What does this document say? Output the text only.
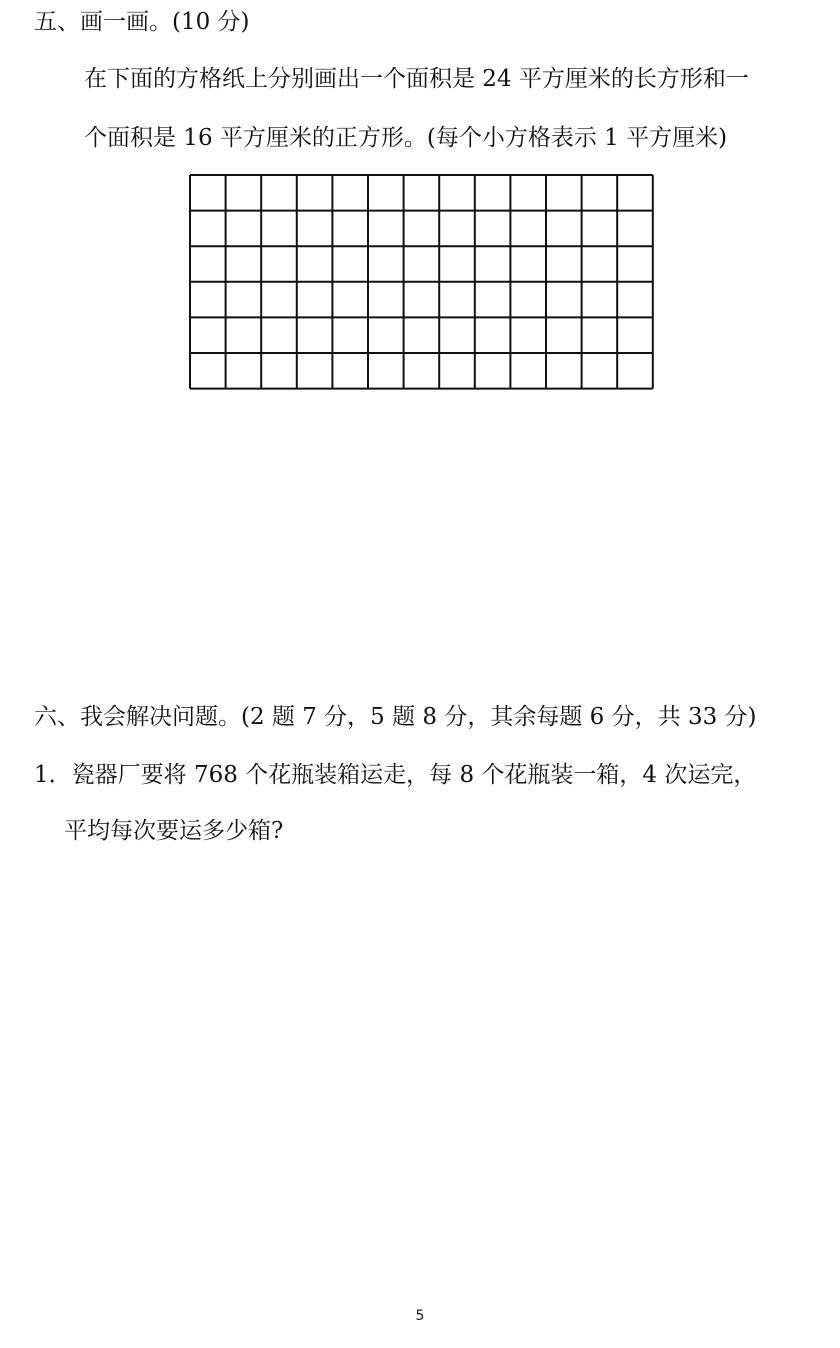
五、画一画。(10 分)
在下面的方格纸上分别画出一个面积是 24 平方厘米的长方形和一
个面积是 16 平方厘米的正方形。(每个小方格表示 1 平方厘米)
六、我会解决问题。(2 题 7 分，5 题 8 分，其余每题 6 分，共 33 分)
1．瓷器厂要将 768 个花瓶装箱运走，每 8 个花瓶装一箱，4 次运完，
平均每次要运多少箱?
5
